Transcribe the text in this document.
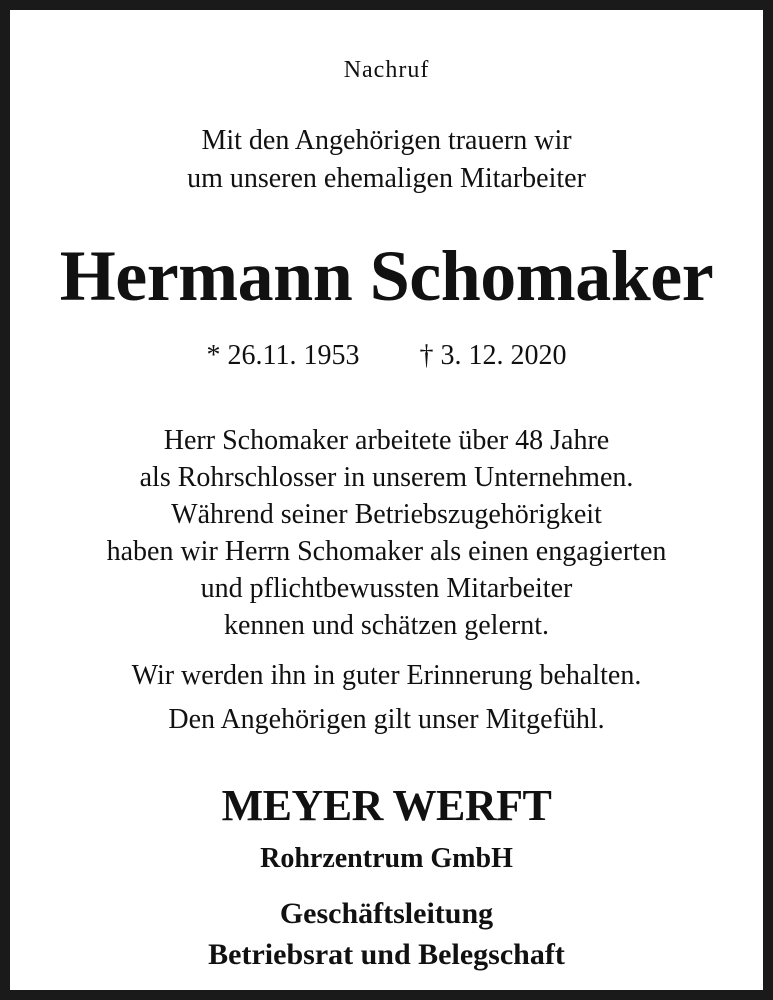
Nachruf

Mit den Angehörigen trauern wir

um unseren ehemaligen Mitarbeiter

Hermann Schomaker

* 26.11. 1953 † 3. 12. 2020

Herr Schomaker arbeitete über 48 Jahre

als Rohrschlosser in unserem Unternehmen.

Während seiner Betriebszugehörigkeit

haben wir Herrn Schomaker als einen engagierten

und pflichtbewussten Mitarbeiter

kennen und schätzen gelernt.

Wir werden ihn in guter Erinnerung behalten.

Den Angehörigen gilt unser Mitgefühl.

MEYER WERFT

Rohrzentrum GmbH

Geschäftsleitung

Betriebsrat und Belegschaft
